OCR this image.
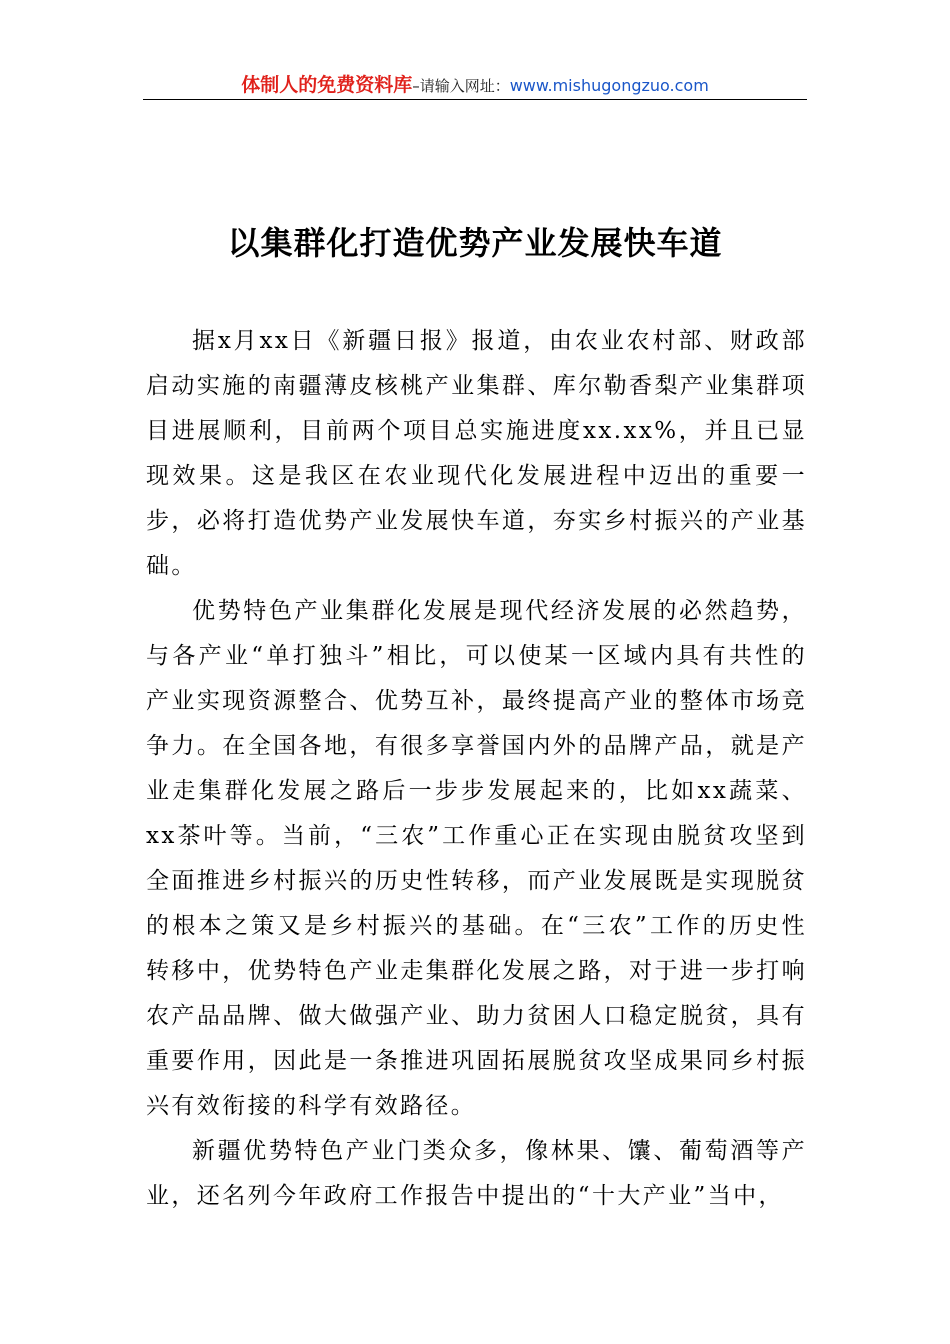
体制人的免费资料库–请输入网址：www.mishugongzuo.com
以集群化打造优势产业发展快车道

据x月xx日《新疆日报》报道，由农业农村部、财政部启动实施的南疆薄皮核桃产业集群、库尔勒香梨产业集群项目进展顺利，目前两个项目总实施进度xx.xx%，并且已显现效果。这是我区在农业现代化发展进程中迈出的重要一步，必将打造优势产业发展快车道，夯实乡村振兴的产业基础。

优势特色产业集群化发展是现代经济发展的必然趋势，与各产业“单打独斗”相比，可以使某一区域内具有共性的产业实现资源整合、优势互补，最终提高产业的整体市场竞争力。在全国各地，有很多享誉国内外的品牌产品，就是产业走集群化发展之路后一步步发展起来的，比如xx蔬菜、xx茶叶等。当前，“三农”工作重心正在实现由脱贫攻坚到全面推进乡村振兴的历史性转移，而产业发展既是实现脱贫的根本之策又是乡村振兴的基础。在“三农”工作的历史性转移中，优势特色产业走集群化发展之路，对于进一步打响农产品品牌、做大做强产业、助力贫困人口稳定脱贫，具有重要作用，因此是一条推进巩固拓展脱贫攻坚成果同乡村振兴有效衔接的科学有效路径。

新疆优势特色产业门类众多，像林果、馕、葡萄酒等产业，还名列今年政府工作报告中提出的“十大产业”当中，
